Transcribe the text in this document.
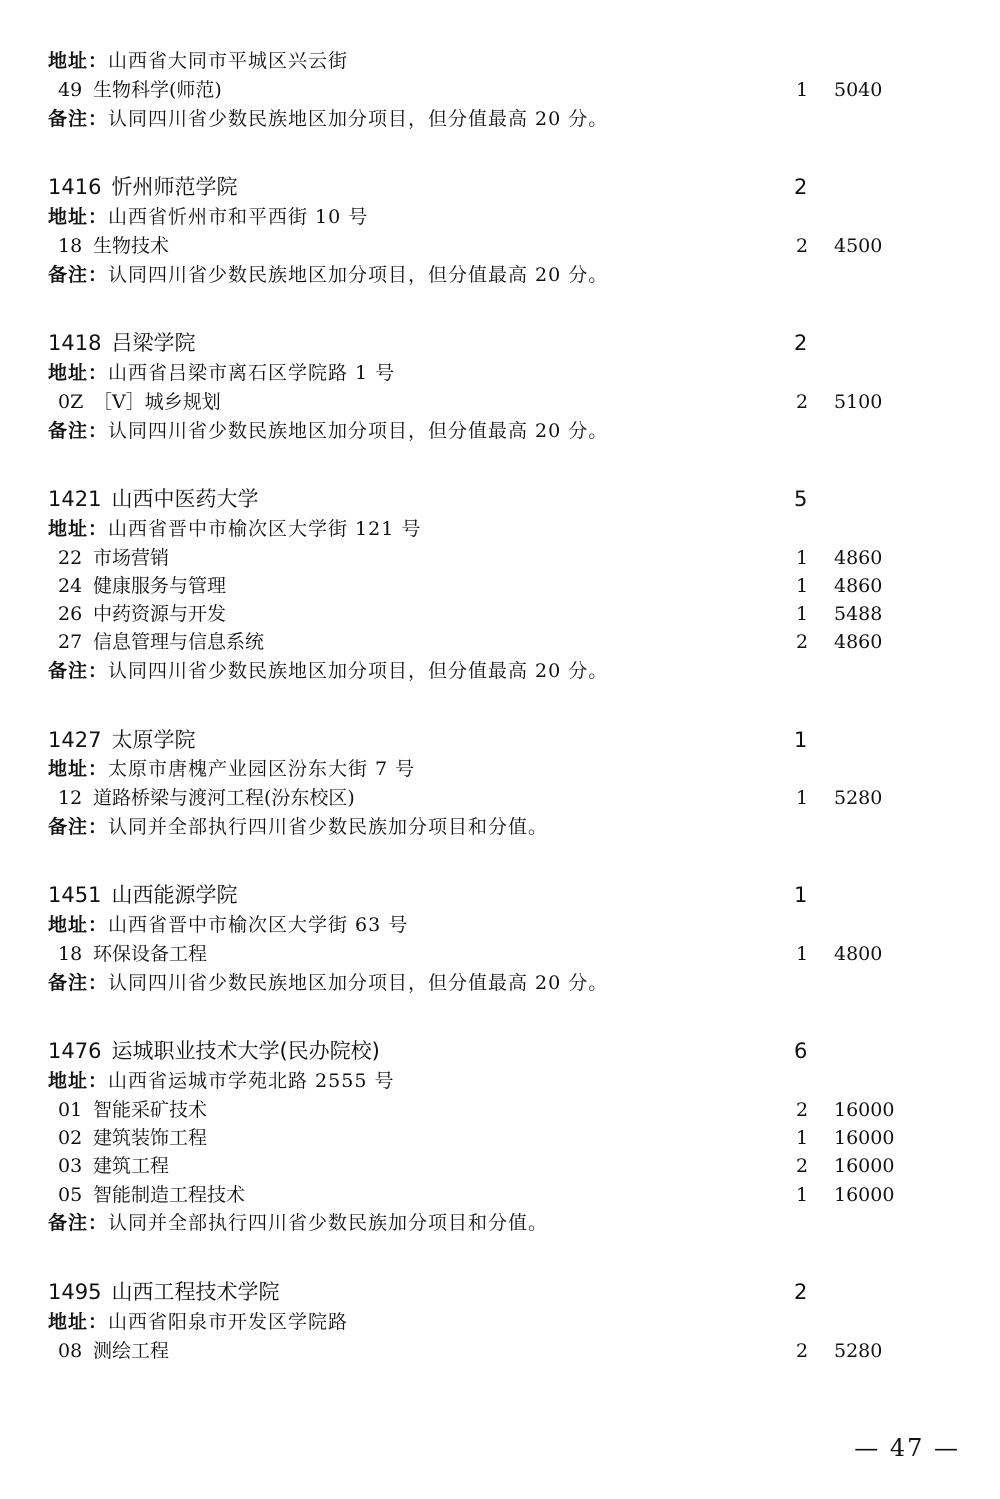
地址：山西省大同市平城区兴云街
49 生物科学(师范)	1 5040
备注：认同四川省少数民族地区加分项目，但分值最高 20 分。
1416 忻州师范学院	2
地址：山西省忻州市和平西街 10 号
18 生物技术	2 4500
备注：认同四川省少数民族地区加分项目，但分值最高 20 分。
1418 吕梁学院	2
地址：山西省吕梁市离石区学院路 1 号
0Z ［V］城乡规划	2 5100
备注：认同四川省少数民族地区加分项目，但分值最高 20 分。
1421 山西中医药大学	5
地址：山西省晋中市榆次区大学街 121 号
22 市场营销	1 4860
24 健康服务与管理	1 4860
26 中药资源与开发	1 5488
27 信息管理与信息系统	2 4860
备注：认同四川省少数民族地区加分项目，但分值最高 20 分。
1427 太原学院	1
地址：太原市唐槐产业园区汾东大街 7 号
12 道路桥梁与渡河工程(汾东校区)	1 5280
备注：认同并全部执行四川省少数民族加分项目和分值。
1451 山西能源学院	1
地址：山西省晋中市榆次区大学街 63 号
18 环保设备工程	1 4800
备注：认同四川省少数民族地区加分项目，但分值最高 20 分。
1476 运城职业技术大学(民办院校)	6
地址：山西省运城市学苑北路 2555 号
01 智能采矿技术	2 16000
02 建筑装饰工程	1 16000
03 建筑工程	2 16000
05 智能制造工程技术	1 16000
备注：认同并全部执行四川省少数民族加分项目和分值。
1495 山西工程技术学院	2
地址：山西省阳泉市开发区学院路
08 测绘工程	2 5280
— 47 —
